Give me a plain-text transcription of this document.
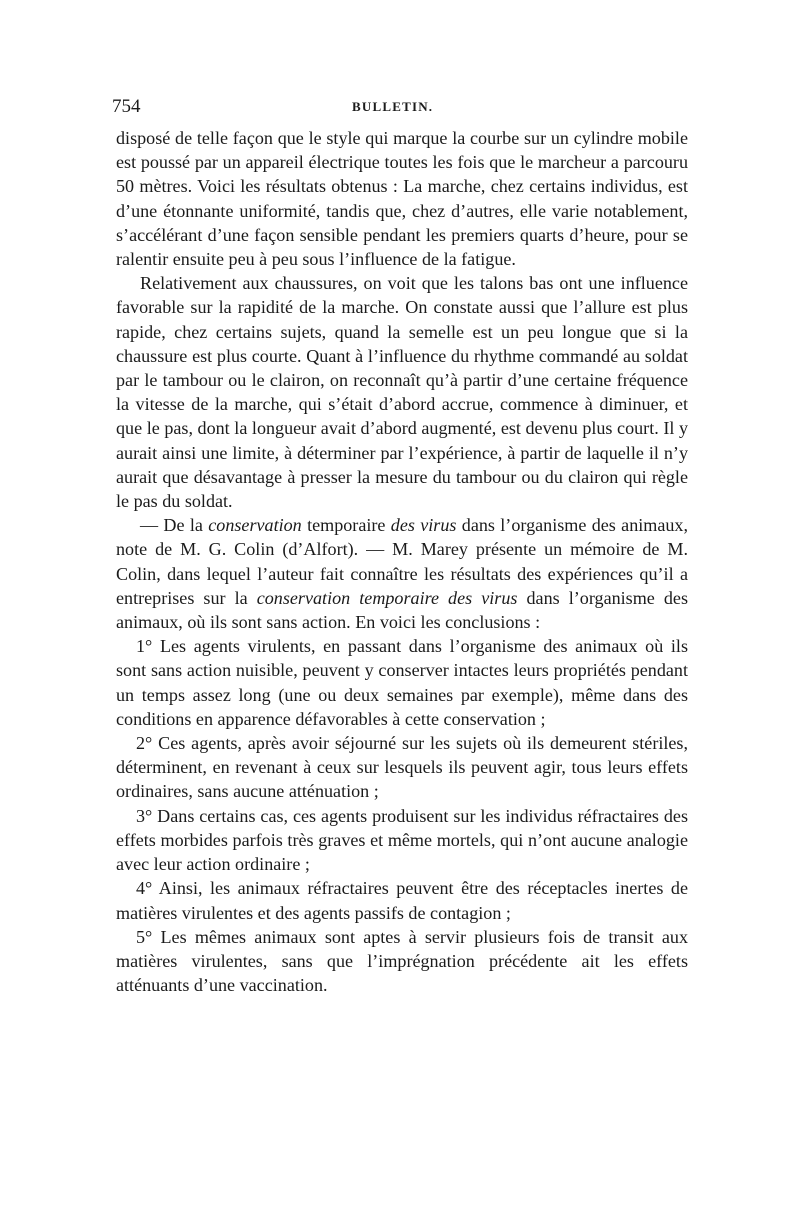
754	BULLETIN.

disposé de telle façon que le style qui marque la courbe sur un cylindre mobile est poussé par un appareil électrique toutes les fois que le marcheur a parcouru 50 mètres. Voici les résultats obtenus : La marche, chez certains individus, est d’une étonnante uniformité, tandis que, chez d’autres, elle varie notablement, s’accélérant d’une façon sensible pendant les premiers quarts d’heure, pour se ralentir ensuite peu à peu sous l’influence de la fatigue.

Relativement aux chaussures, on voit que les talons bas ont une influence favorable sur la rapidité de la marche. On constate aussi que l’allure est plus rapide, chez certains sujets, quand la semelle est un peu longue que si la chaussure est plus courte. Quant à l’influence du rhythme commandé au soldat par le tambour ou le clairon, on reconnaît qu’à partir d’une certaine fréquence la vitesse de la marche, qui s’était d’abord accrue, commence à diminuer, et que le pas, dont la longueur avait d’abord augmenté, est devenu plus court. Il y aurait ainsi une limite, à déterminer par l’expérience, à partir de laquelle il n’y aurait que désavantage à presser la mesure du tambour ou du clairon qui règle le pas du soldat.

— De la conservation temporaire des virus dans l’organisme des animaux, note de M. G. Colin (d’Alfort). — M. Marey présente un mémoire de M. Colin, dans lequel l’auteur fait connaître les résultats des expériences qu’il a entreprises sur la conservation temporaire des virus dans l’organisme des animaux, où ils sont sans action. En voici les conclusions :

1° Les agents virulents, en passant dans l’organisme des animaux où ils sont sans action nuisible, peuvent y conserver intactes leurs propriétés pendant un temps assez long (une ou deux semaines par exemple), même dans des conditions en apparence défavorables à cette conservation ;

2° Ces agents, après avoir séjourné sur les sujets où ils demeurent stériles, déterminent, en revenant à ceux sur lesquels ils peuvent agir, tous leurs effets ordinaires, sans aucune atténuation ;

3° Dans certains cas, ces agents produisent sur les individus réfractaires des effets morbides parfois très graves et même mortels, qui n’ont aucune analogie avec leur action ordinaire ;

4° Ainsi, les animaux réfractaires peuvent être des réceptacles inertes de matières virulentes et des agents passifs de contagion ;

5° Les mêmes animaux sont aptes à servir plusieurs fois de transit aux matières virulentes, sans que l’imprégnation précédente ait les effets atténuants d’une vaccination.
